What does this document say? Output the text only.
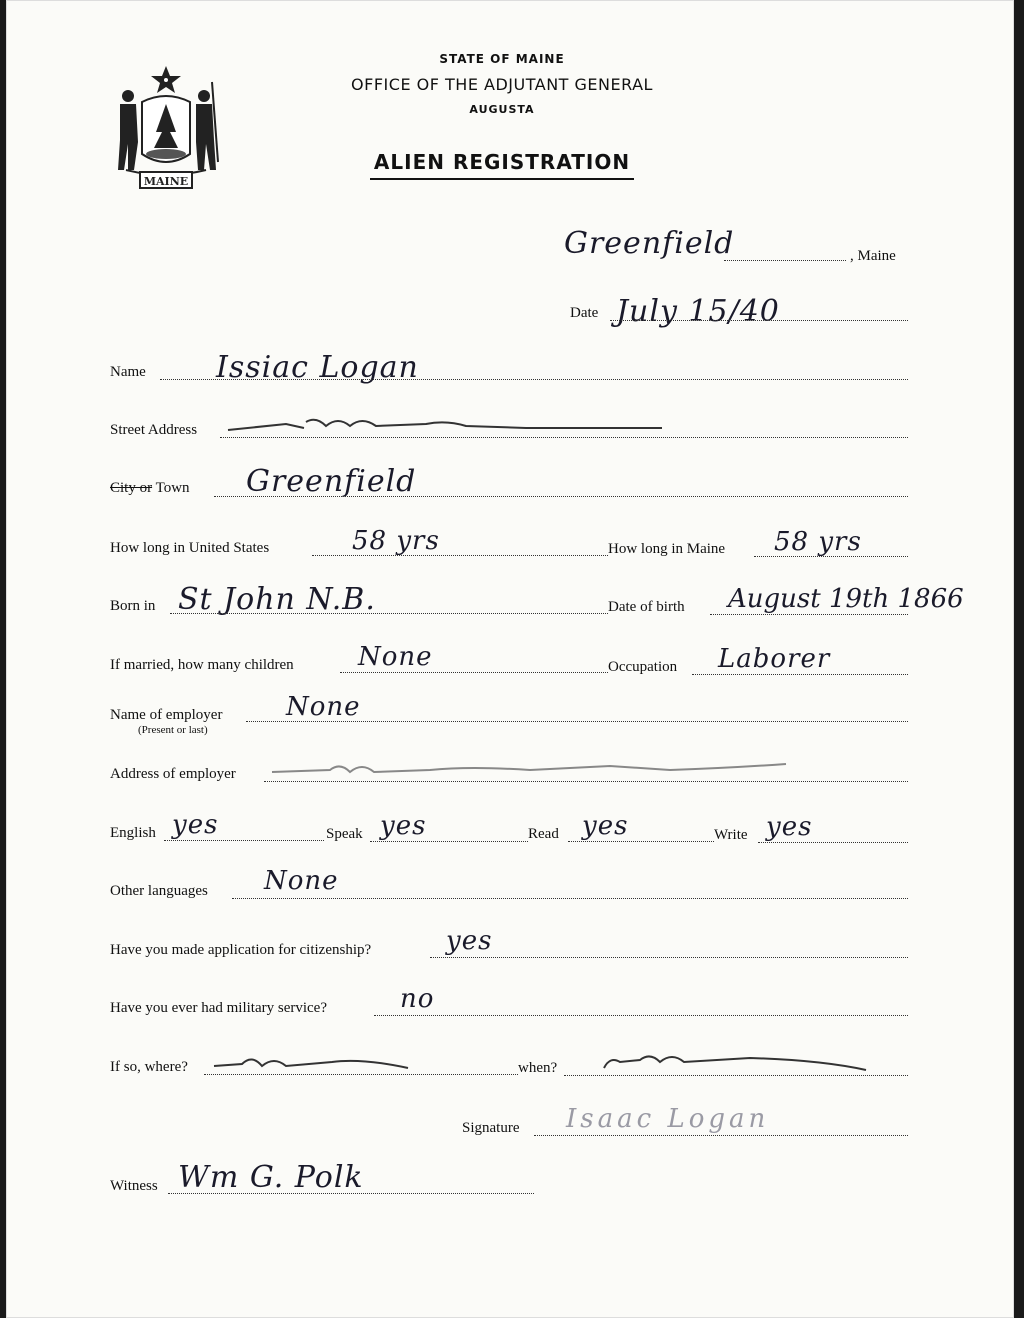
MAINE
STATE OF MAINE
OFFICE OF THE ADJUTANT GENERAL
AUGUSTA
ALIEN REGISTRATION
Greenfield	, Maine
Date July 15/40
Name Issiac Logan
Street Address
City or Town Greenfield
How long in United States	58 yrs	How long in Maine 58 yrs
Born in St John N.B.	Date of birth August 19th 1866
If married, how many children None	Occupation Laborer
Name of employer
(Present or last)
None
Address of employer
English yes	Speak yes	Read yes	Write yes
Other languages None
Have you made application for citizenship?	yes
Have you ever had military service?	no
If so, where?	when?
Signature Isaac Logan
Witness Wm G. Polk
